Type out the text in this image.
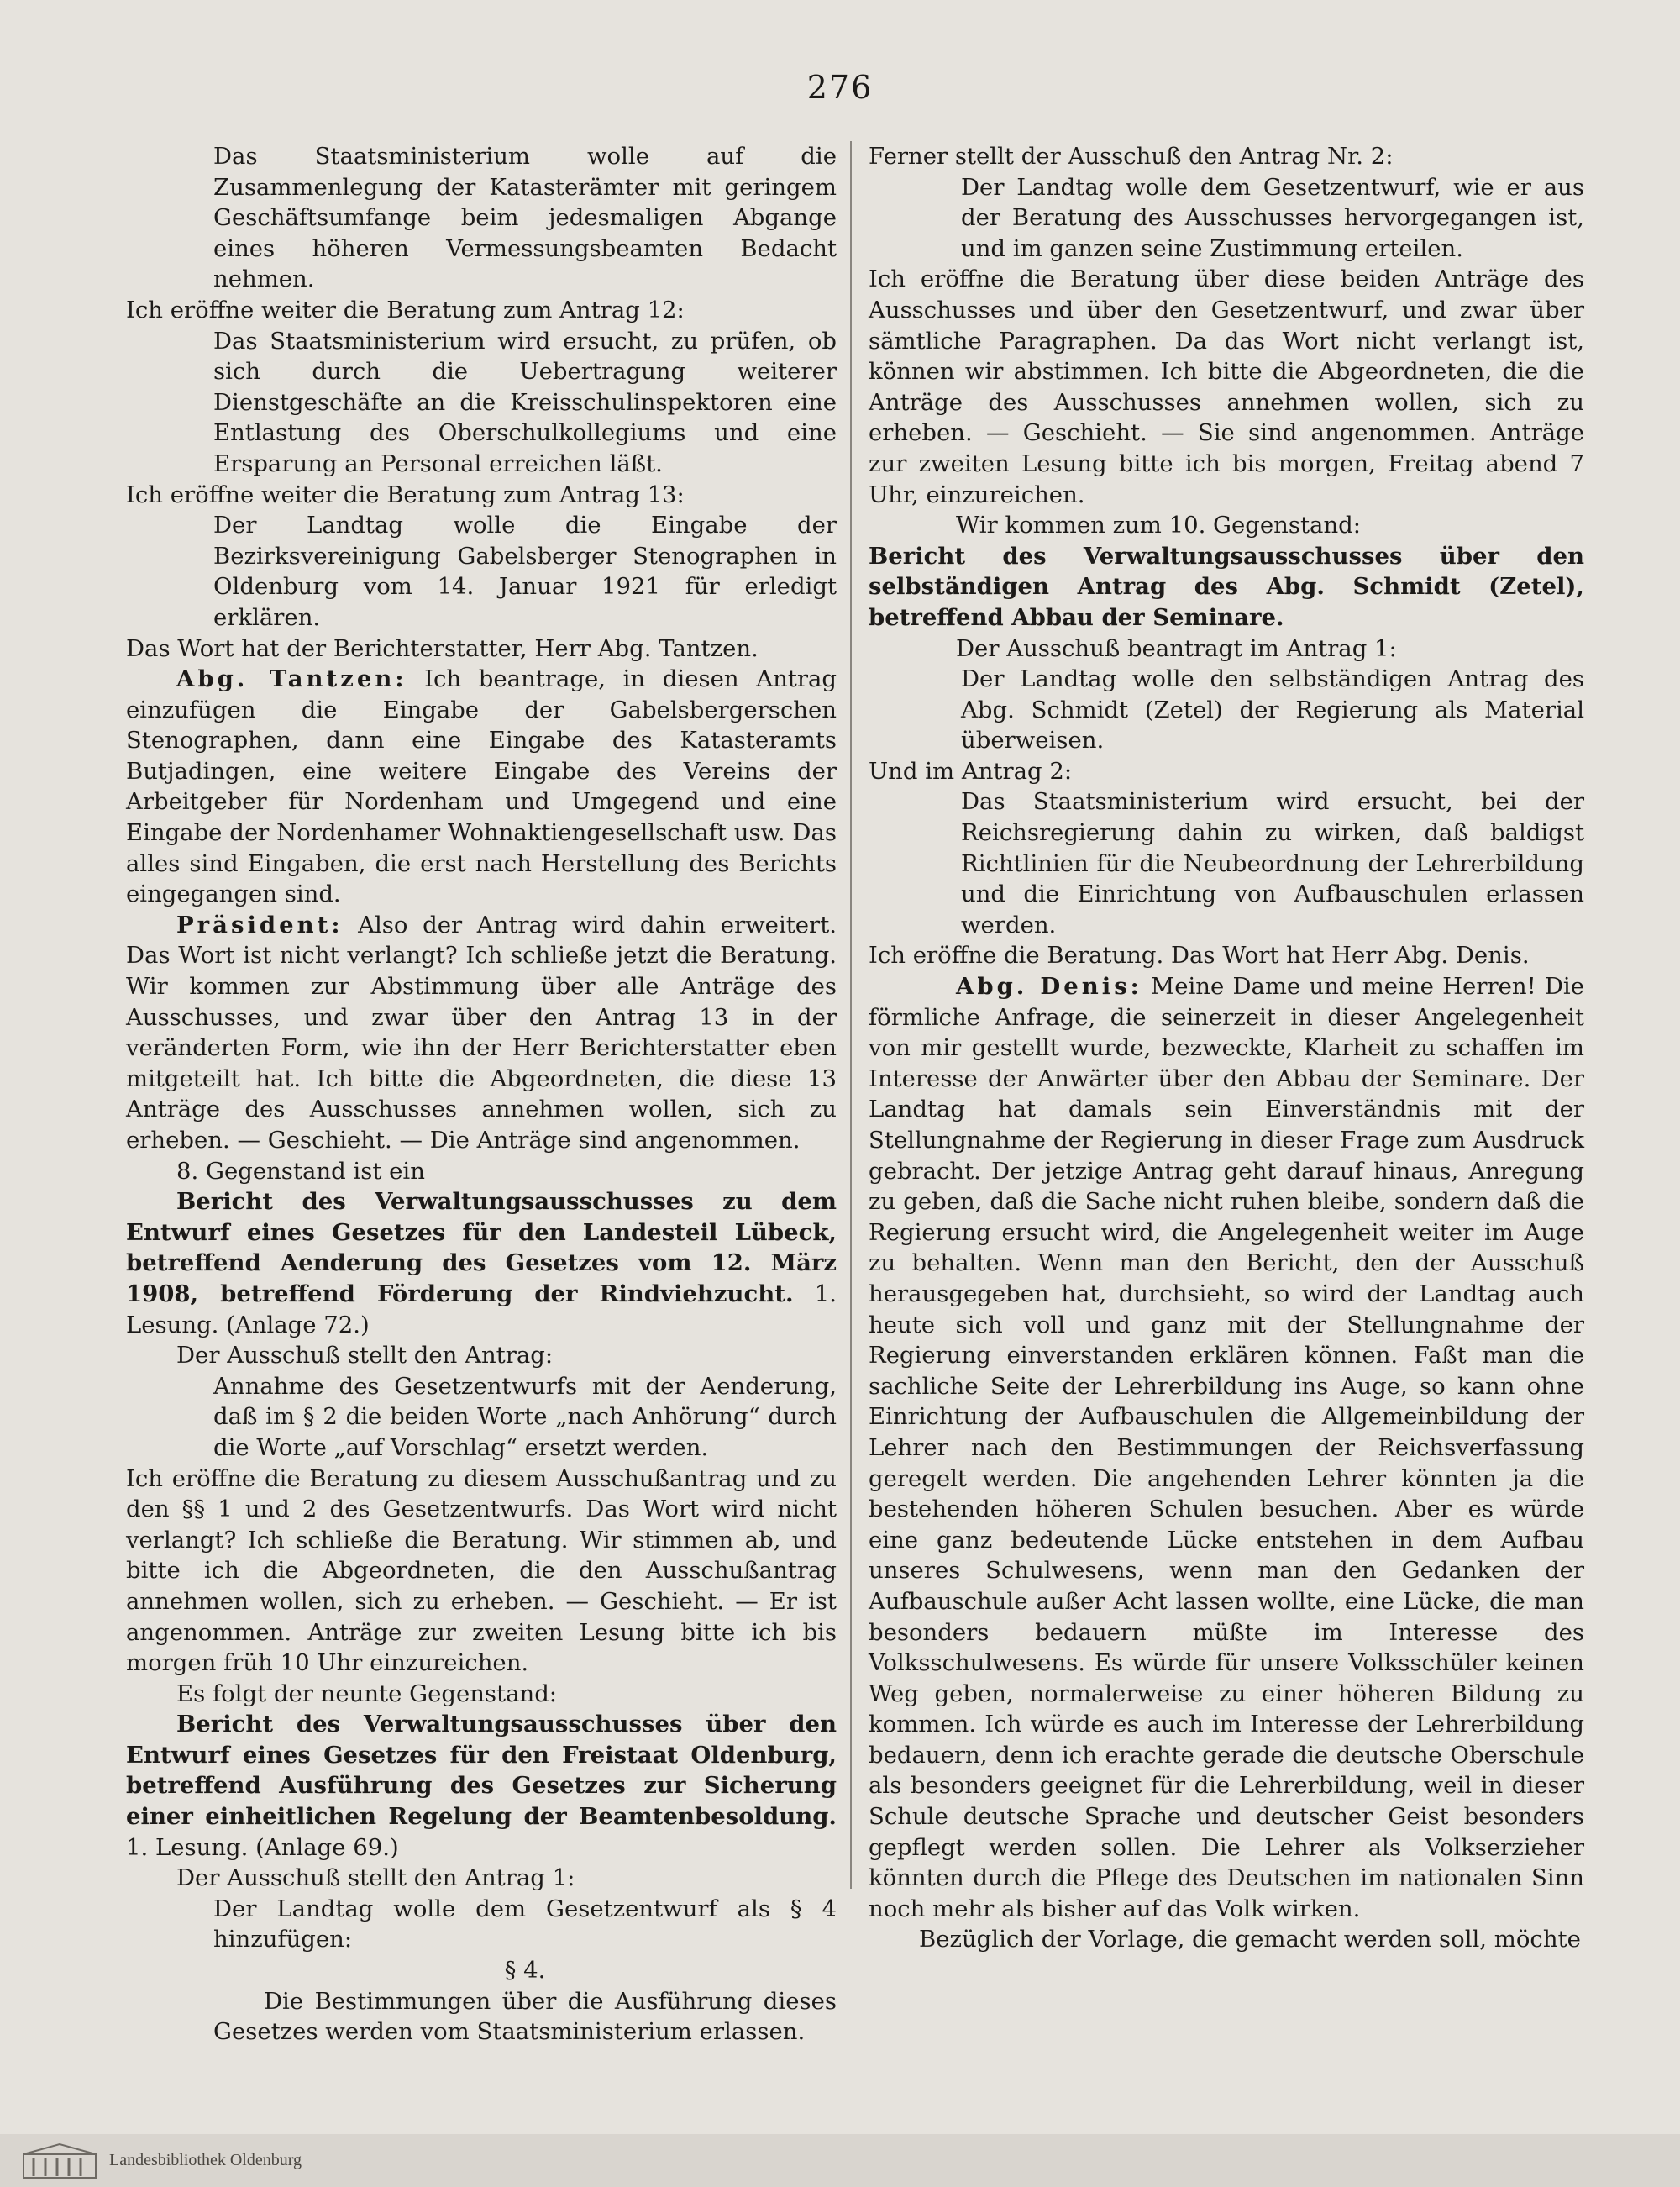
276

Das Staatsministerium wolle auf die Zusammenlegung der Katasterämter mit geringem Geschäftsumfange beim jedesmaligen Abgange eines höheren Vermessungsbeamten Bedacht nehmen.

Ich eröffne weiter die Beratung zum Antrag 12:

Das Staatsministerium wird ersucht, zu prüfen, ob sich durch die Uebertragung weiterer Dienstgeschäfte an die Kreisschulinspektoren eine Entlastung des Oberschulkollegiums und eine Ersparung an Personal erreichen läßt.

Ich eröffne weiter die Beratung zum Antrag 13:

Der Landtag wolle die Eingabe der Bezirksvereinigung Gabelsberger Stenographen in Oldenburg vom 14. Januar 1921 für erledigt erklären.

Das Wort hat der Berichterstatter, Herr Abg. Tantzen.

Abg. Tantzen: Ich beantrage, in diesen Antrag einzufügen die Eingabe der Gabelsbergerschen Stenographen, dann eine Eingabe des Katasteramts Butjadingen, eine weitere Eingabe des Vereins der Arbeitgeber für Nordenham und Umgegend und eine Eingabe der Nordenhamer Wohnaktiengesellschaft usw. Das alles sind Eingaben, die erst nach Herstellung des Berichts eingegangen sind.

Präsident: Also der Antrag wird dahin erweitert. Das Wort ist nicht verlangt? Ich schließe jetzt die Beratung. Wir kommen zur Abstimmung über alle Anträge des Ausschusses, und zwar über den Antrag 13 in der veränderten Form, wie ihn der Herr Berichterstatter eben mitgeteilt hat. Ich bitte die Abgeordneten, die diese 13 Anträge des Ausschusses annehmen wollen, sich zu erheben. — Geschieht. — Die Anträge sind angenommen.

8. Gegenstand ist ein

Bericht des Verwaltungsausschusses zu dem Entwurf eines Gesetzes für den Landesteil Lübeck, betreffend Aenderung des Gesetzes vom 12. März 1908, betreffend Förderung der Rindviehzucht. 1. Lesung. (Anlage 72.)

Der Ausschuß stellt den Antrag:

Annahme des Gesetzentwurfs mit der Aenderung, daß im § 2 die beiden Worte „nach Anhörung“ durch die Worte „auf Vorschlag“ ersetzt werden.

Ich eröffne die Beratung zu diesem Ausschußantrag und zu den §§ 1 und 2 des Gesetzentwurfs. Das Wort wird nicht verlangt? Ich schließe die Beratung. Wir stimmen ab, und bitte ich die Abgeordneten, die den Ausschußantrag annehmen wollen, sich zu erheben. — Geschieht. — Er ist angenommen. Anträge zur zweiten Lesung bitte ich bis morgen früh 10 Uhr einzureichen.

Es folgt der neunte Gegenstand:

Bericht des Verwaltungsausschusses über den Entwurf eines Gesetzes für den Freistaat Oldenburg, betreffend Ausführung des Gesetzes zur Sicherung einer einheitlichen Regelung der Beamtenbesoldung. 1. Lesung. (Anlage 69.)

Der Ausschuß stellt den Antrag 1:

Der Landtag wolle dem Gesetzentwurf als § 4 hinzufügen:

§ 4.

Die Bestimmungen über die Ausführung dieses Gesetzes werden vom Staatsministerium erlassen.

Ferner stellt der Ausschuß den Antrag Nr. 2:

Der Landtag wolle dem Gesetzentwurf, wie er aus der Beratung des Ausschusses hervorgegangen ist, und im ganzen seine Zustimmung erteilen.

Ich eröffne die Beratung über diese beiden Anträge des Ausschusses und über den Gesetzentwurf, und zwar über sämtliche Paragraphen. Da das Wort nicht verlangt ist, können wir abstimmen. Ich bitte die Abgeordneten, die die Anträge des Ausschusses annehmen wollen, sich zu erheben. — Geschieht. — Sie sind angenommen. Anträge zur zweiten Lesung bitte ich bis morgen, Freitag abend 7 Uhr, einzureichen.

Wir kommen zum 10. Gegenstand:

Bericht des Verwaltungsausschusses über den selbständigen Antrag des Abg. Schmidt (Zetel), betreffend Abbau der Seminare.

Der Ausschuß beantragt im Antrag 1:

Der Landtag wolle den selbständigen Antrag des Abg. Schmidt (Zetel) der Regierung als Material überweisen.

Und im Antrag 2:

Das Staatsministerium wird ersucht, bei der Reichsregierung dahin zu wirken, daß baldigst Richtlinien für die Neubeordnung der Lehrerbildung und die Einrichtung von Aufbauschulen erlassen werden.

Ich eröffne die Beratung. Das Wort hat Herr Abg. Denis.

Abg. Denis: Meine Dame und meine Herren! Die förmliche Anfrage, die seinerzeit in dieser Angelegenheit von mir gestellt wurde, bezweckte, Klarheit zu schaffen im Interesse der Anwärter über den Abbau der Seminare. Der Landtag hat damals sein Einverständnis mit der Stellungnahme der Regierung in dieser Frage zum Ausdruck gebracht. Der jetzige Antrag geht darauf hinaus, Anregung zu geben, daß die Sache nicht ruhen bleibe, sondern daß die Regierung ersucht wird, die Angelegenheit weiter im Auge zu behalten. Wenn man den Bericht, den der Ausschuß herausgegeben hat, durchsieht, so wird der Landtag auch heute sich voll und ganz mit der Stellungnahme der Regierung einverstanden erklären können. Faßt man die sachliche Seite der Lehrerbildung ins Auge, so kann ohne Einrichtung der Aufbauschulen die Allgemeinbildung der Lehrer nach den Bestimmungen der Reichsverfassung geregelt werden. Die angehenden Lehrer könnten ja die bestehenden höheren Schulen besuchen. Aber es würde eine ganz bedeutende Lücke entstehen in dem Aufbau unseres Schulwesens, wenn man den Gedanken der Aufbauschule außer Acht lassen wollte, eine Lücke, die man besonders bedauern müßte im Interesse des Volksschulwesens. Es würde für unsere Volksschüler keinen Weg geben, normalerweise zu einer höheren Bildung zu kommen. Ich würde es auch im Interesse der Lehrerbildung bedauern, denn ich erachte gerade die deutsche Oberschule als besonders geeignet für die Lehrerbildung, weil in dieser Schule deutsche Sprache und deutscher Geist besonders gepflegt werden sollen. Die Lehrer als Volkserzieher könnten durch die Pflege des Deutschen im nationalen Sinn noch mehr als bisher auf das Volk wirken.

Bezüglich der Vorlage, die gemacht werden soll, möchte

Landesbibliothek Oldenburg
